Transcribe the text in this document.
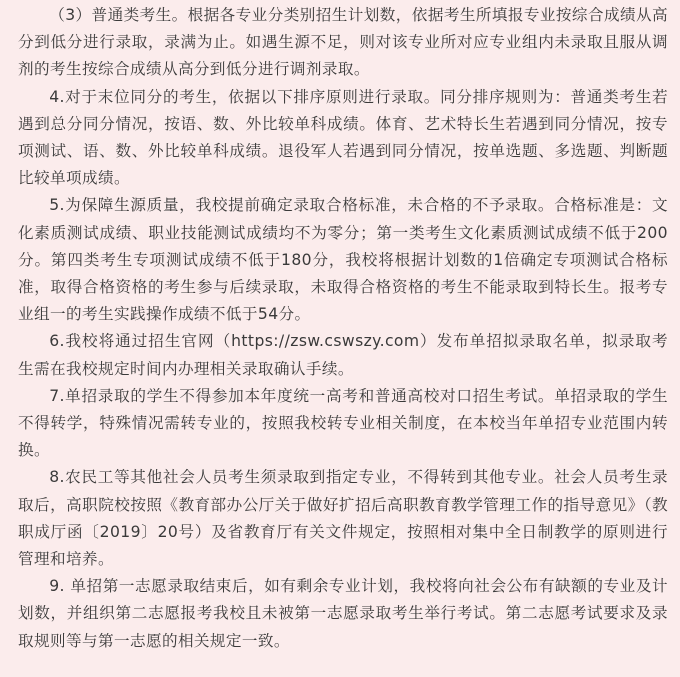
（3）普通类考生。根据各专业分类别招生计划数，依据考生所填报专业按综合成绩从高分到低分进行录取，录满为止。如遇生源不足，则对该专业所对应专业组内未录取且服从调剂的考生按综合成绩从高分到低分进行调剂录取。

4.对于末位同分的考生，依据以下排序原则进行录取。同分排序规则为：普通类考生若遇到总分同分情况，按语、数、外比较单科成绩。体育、艺术特长生若遇到同分情况，按专项测试、语、数、外比较单科成绩。退役军人若遇到同分情况，按单选题、多选题、判断题比较单项成绩。

5.为保障生源质量，我校提前确定录取合格标准，未合格的不予录取。合格标准是：文化素质测试成绩、职业技能测试成绩均不为零分；第一类考生文化素质测试成绩不低于200分。第四类考生专项测试成绩不低于180分，我校将根据计划数的1倍确定专项测试合格标准，取得合格资格的考生参与后续录取，未取得合格资格的考生不能录取到特长生。报考专业组一的考生实践操作成绩不低于54分。

6.我校将通过招生官网（https://zsw.cswszy.com）发布单招拟录取名单，拟录取考生需在我校规定时间内办理相关录取确认手续。

7.单招录取的学生不得参加本年度统一高考和普通高校对口招生考试。单招录取的学生不得转学，特殊情况需转专业的，按照我校转专业相关制度，在本校当年单招专业范围内转换。

8.农民工等其他社会人员考生须录取到指定专业，不得转到其他专业。社会人员考生录取后，高职院校按照《教育部办公厅关于做好扩招后高职教育教学管理工作的指导意见》（教职成厅函〔2019〕20号）及省教育厅有关文件规定，按照相对集中全日制教学的原则进行管理和培养。

9. 单招第一志愿录取结束后，如有剩余专业计划，我校将向社会公布有缺额的专业及计划数，并组织第二志愿报考我校且未被第一志愿录取考生举行考试。第二志愿考试要求及录取规则等与第一志愿的相关规定一致。
